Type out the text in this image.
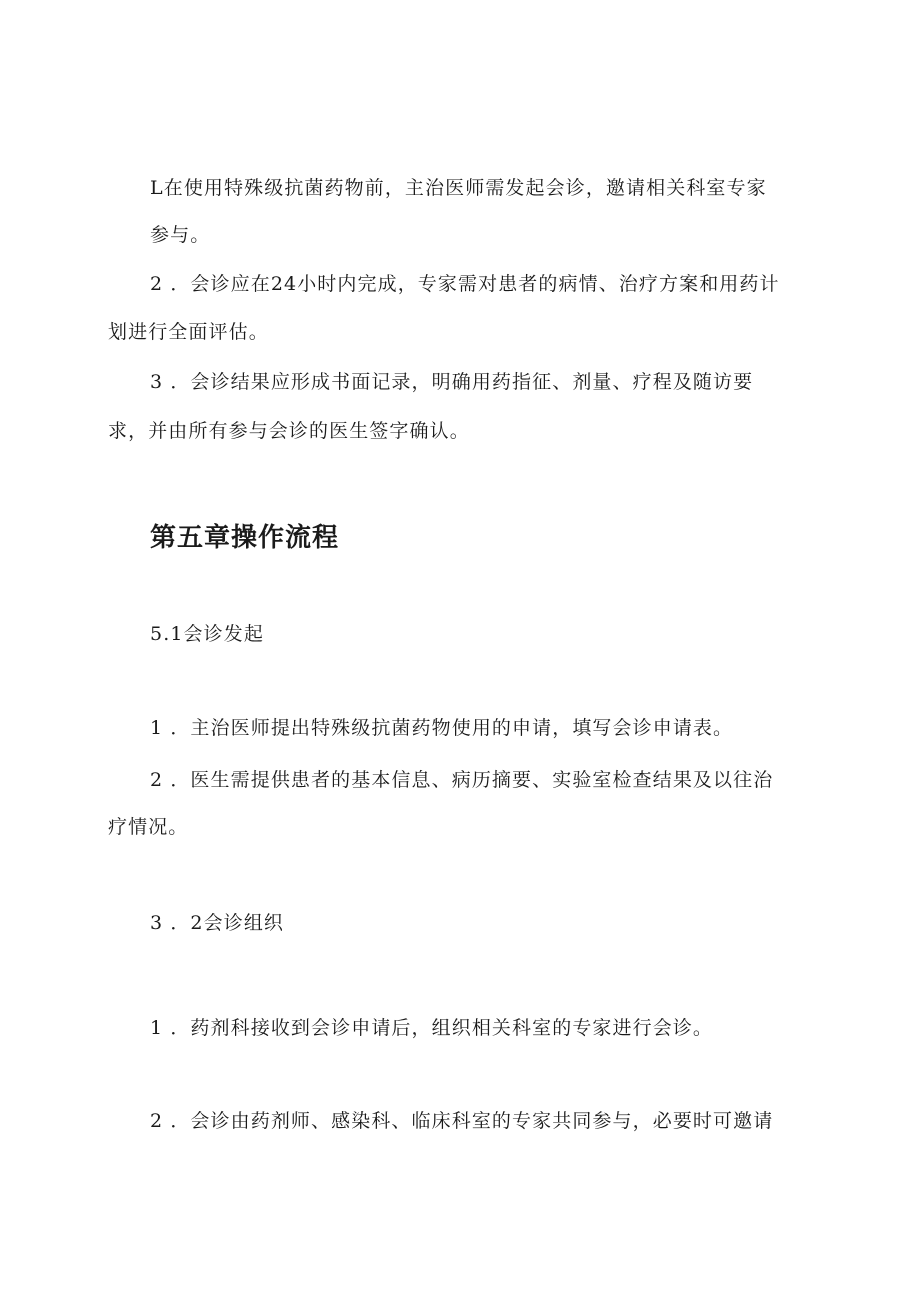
L在使用特殊级抗菌药物前，主治医师需发起会诊，邀请相关科室专家
参与。
2 ．会诊应在24小时内完成，专家需对患者的病情、治疗方案和用药计
划进行全面评估。
3 ．会诊结果应形成书面记录，明确用药指征、剂量、疗程及随访要
求，并由所有参与会诊的医生签字确认。
第五章操作流程
5.1会诊发起
1 ．主治医师提出特殊级抗菌药物使用的申请，填写会诊申请表。
2 ．医生需提供患者的基本信息、病历摘要、实验室检查结果及以往治
疗情况。
3 ．2会诊组织
1 ．药剂科接收到会诊申请后，组织相关科室的专家进行会诊。
2 ．会诊由药剂师、感染科、临床科室的专家共同参与，必要时可邀请
